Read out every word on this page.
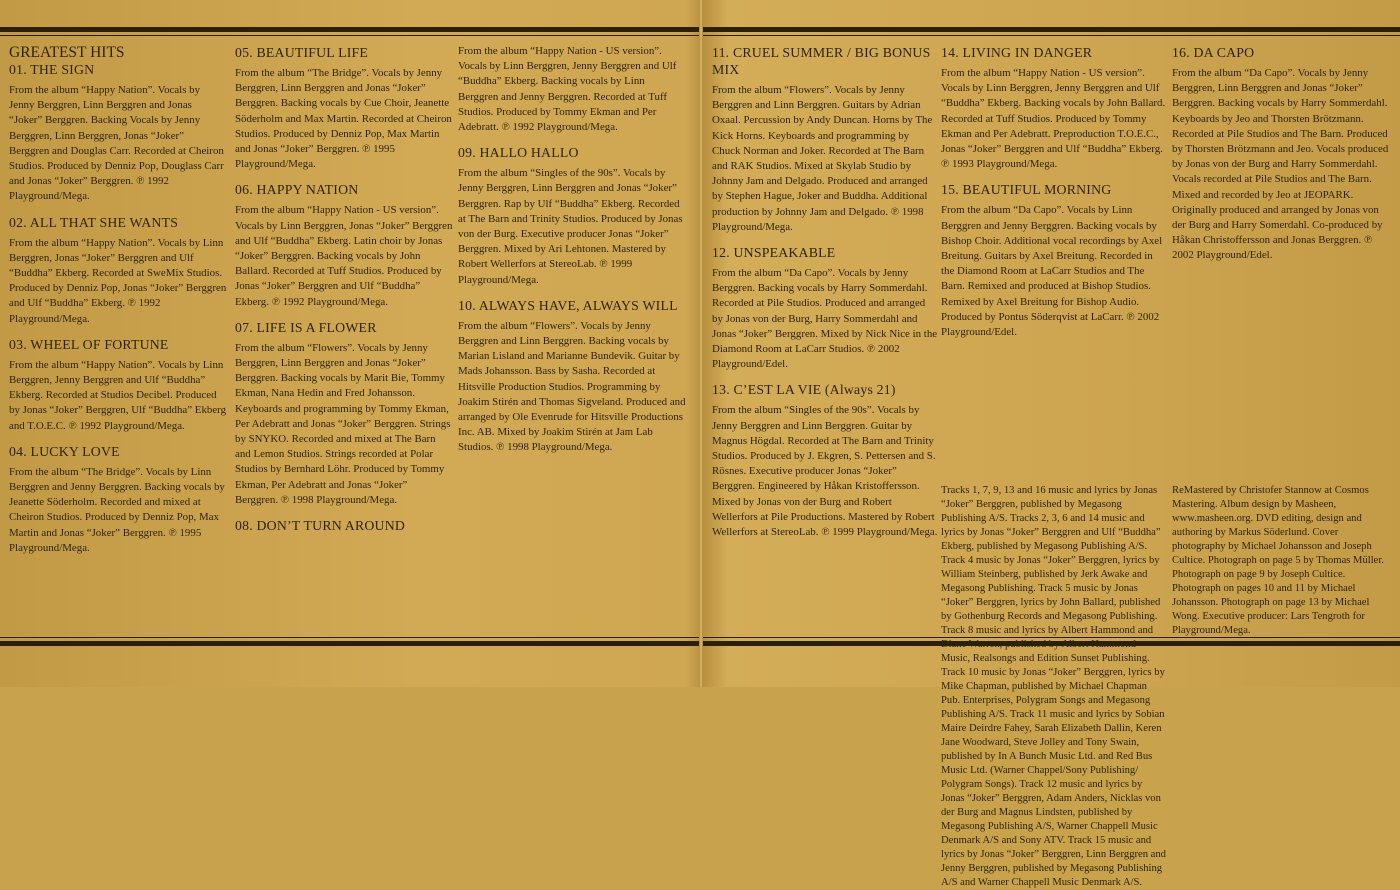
GREATEST HITS
01. THE SIGN

From the album “Happy Nation”. Vocals by Jenny Berggren, Linn Berggren and Jonas “Joker” Berggren. Backing Vocals by Jenny Berggren, Linn Berggren, Jonas “Joker” Berggren and Douglas Carr. Recorded at Cheiron Studios. Produced by Denniz Pop, Douglass Carr and Jonas “Joker” Berggren. ℗ 1992 Playground/Mega.

02. ALL THAT SHE WANTS

From the album “Happy Nation”. Vocals by Linn Berggren, Jonas “Joker” Berggren and Ulf “Buddha” Ekberg. Recorded at SweMix Studios. Produced by Denniz Pop, Jonas “Joker” Berggren and Ulf “Buddha” Ekberg. ℗ 1992 Playground/Mega.

03. WHEEL OF FORTUNE

From the album “Happy Nation”. Vocals by Linn Berggren, Jenny Berggren and Ulf “Buddha” Ekberg. Recorded at Studios Decibel. Produced by Jonas “Joker” Berggren, Ulf “Buddha” Ekberg and T.O.E.C. ℗ 1992 Playground/Mega.

04. LUCKY LOVE

From the album “The Bridge”. Vocals by Linn Berggren and Jenny Berggren. Backing vocals by Jeanette Söderholm. Recorded and mixed at Cheiron Studios. Produced by Denniz Pop, Max Martin and Jonas “Joker” Berggren. ℗ 1995 Playground/Mega.

05. BEAUTIFUL LIFE

From the album “The Bridge”. Vocals by Jenny Berggren, Linn Berggren and Jonas “Joker” Berggren. Backing vocals by Cue Choir, Jeanette Söderholm and Max Martin. Recorded at Cheiron Studios. Produced by Denniz Pop, Max Martin and Jonas “Joker” Berggren. ℗ 1995 Playground/Mega.

06. HAPPY NATION

From the album “Happy Nation - US version”. Vocals by Linn Berggren, Jonas “Joker” Berggren and Ulf “Buddha” Ekberg. Latin choir by Jonas “Joker” Berggren. Backing vocals by John Ballard. Recorded at Tuff Studios. Produced by Jonas “Joker” Berggren and Ulf “Buddha” Ekberg. ℗ 1992 Playground/Mega.

07. LIFE IS A FLOWER

From the album “Flowers”. Vocals by Jenny Berggren, Linn Berggren and Jonas “Joker” Berggren. Backing vocals by Marit Bie, Tommy Ekman, Nana Hedin and Fred Johansson. Keyboards and programming by Tommy Ekman, Per Adebratt and Jonas “Joker” Berggren. Strings by SNYKO. Recorded and mixed at The Barn and Lemon Studios. Strings recorded at Polar Studios by Bernhard Löhr. Produced by Tommy Ekman, Per Adebratt and Jonas “Joker” Berggren. ℗ 1998 Playground/Mega.

08. DON’T TURN AROUND

From the album “Happy Nation - US version”. Vocals by Linn Berggren, Jenny Berggren and Ulf “Buddha” Ekberg. Backing vocals by Linn Berggren and Jenny Berggren. Recorded at Tuff Studios. Produced by Tommy Ekman and Per Adebratt. ℗ 1992 Playground/Mega.

09. HALLO HALLO

From the album “Singles of the 90s”. Vocals by Jenny Berggren, Linn Berggren and Jonas “Joker” Berggren. Rap by Ulf “Buddha” Ekberg. Recorded at The Barn and Trinity Studios. Produced by Jonas von der Burg. Executive producer Jonas “Joker” Berggren. Mixed by Ari Lehtonen. Mastered by Robert Wellerfors at StereoLab. ℗ 1999 Playground/Mega.

10. ALWAYS HAVE, ALWAYS WILL

From the album “Flowers”. Vocals by Jenny Berggren and Linn Berggren. Backing vocals by Marian Lisland and Marianne Bundevik. Guitar by Mads Johansson. Bass by Sasha. Recorded at Hitsville Production Studios. Programming by Joakim Stirén and Thomas Sigveland. Produced and arranged by Ole Evenrude for Hitsville Productions Inc. AB. Mixed by Joakim Stirén at Jam Lab Studios. ℗ 1998 Playground/Mega.

11. CRUEL SUMMER / BIG BONUS MIX

From the album “Flowers”. Vocals by Jenny Berggren and Linn Berggren. Guitars by Adrian Oxaal. Percussion by Andy Duncan. Horns by The Kick Horns. Keyboards and programming by Chuck Norman and Joker. Recorded at The Barn and RAK Studios. Mixed at Skylab Studio by Johnny Jam and Delgado. Produced and arranged by Stephen Hague, Joker and Buddha. Additional production by Johnny Jam and Delgado. ℗ 1998 Playground/Mega.

12. UNSPEAKABLE

From the album “Da Capo”. Vocals by Jenny Berggren. Backing vocals by Harry Sommerdahl. Recorded at Pile Studios. Produced and arranged by Jonas von der Burg, Harry Sommerdahl and Jonas “Joker” Berggren. Mixed by Nick Nice in the Diamond Room at LaCarr Studios. ℗ 2002 Playground/Edel.

13. C’EST LA VIE (Always 21)

From the album “Singles of the 90s”. Vocals by Jenny Berggren and Linn Berggren. Guitar by Magnus Högdal. Recorded at The Barn and Trinity Studios. Produced by J. Ekgren, S. Pettersen and S. Rösnes. Executive producer Jonas “Joker” Berggren. Engineered by Håkan Kristoffersson. Mixed by Jonas von der Burg and Robert Wellerfors at Pile Productions. Mastered by Robert Wellerfors at StereoLab. ℗ 1999 Playground/Mega.

14. LIVING IN DANGER

From the album “Happy Nation - US version”. Vocals by Linn Berggren, Jenny Berggren and Ulf “Buddha” Ekberg. Backing vocals by John Ballard. Recorded at Tuff Studios. Produced by Tommy Ekman and Per Adebratt. Preproduction T.O.E.C., Jonas “Joker” Berggren and Ulf “Buddha” Ekberg. ℗ 1993 Playground/Mega.

15. BEAUTIFUL MORNING

From the album “Da Capo”. Vocals by Linn Berggren and Jenny Berggren. Backing vocals by Bishop Choir. Additional vocal recordings by Axel Breitung. Guitars by Axel Breitung. Recorded in the Diamond Room at LaCarr Studios and The Barn. Remixed and produced at Bishop Studios. Remixed by Axel Breitung for Bishop Audio. Produced by Pontus Söderqvist at LaCarr. ℗ 2002 Playground/Edel.

16. DA CAPO

From the album “Da Capo”. Vocals by Jenny Berggren, Linn Berggren and Jonas “Joker” Berggren. Backing vocals by Harry Sommerdahl. Keyboards by Jeo and Thorsten Brötzmann. Recorded at Pile Studios and The Barn. Produced by Thorsten Brötzmann and Jeo. Vocals produced by Jonas von der Burg and Harry Sommerdahl. Vocals recorded at Pile Studios and The Barn. Mixed and recorded by Jeo at JEOPARK. Originally produced and arranged by Jonas von der Burg and Harry Somerdahl. Co-produced by Håkan Christoffersson and Jonas Berggren. ℗ 2002 Playground/Edel.

Tracks 1, 7, 9, 13 and 16 music and lyrics by Jonas “Joker” Berggren, published by Megasong Publishing A/S. Tracks 2, 3, 6 and 14 music and lyrics by Jonas “Joker” Berggren and Ulf “Buddha” Ekberg, published by Megasong Publishing A/S. Track 4 music by Jonas “Joker” Berggren, lyrics by William Steinberg, published by Jerk Awake and Megasong Publishing. Track 5 music by Jonas “Joker” Berggren, lyrics by John Ballard, published by Gothenburg Records and Megasong Publishing. Track 8 music and lyrics by Albert Hammond and Diane Warren, published by Albert Hammond Music, Realsongs and Edition Sunset Publishing. Track 10 music by Jonas “Joker” Berggren, lyrics by Mike Chapman, published by Michael Chapman Pub. Enterprises, Polygram Songs and Megasong Publishing A/S. Track 11 music and lyrics by Sobian Maire Deirdre Fahey, Sarah Elizabeth Dallin, Keren Jane Woodward, Steve Jolley and Tony Swain, published by In A Bunch Music Ltd. and Red Bus Music Ltd. (Warner Chappel/Sony Publishing/ Polygram Songs). Track 12 music and lyrics by Jonas “Joker” Berggren, Adam Anders, Nicklas von der Burg and Magnus Lindsten, published by Megasong Publishing A/S, Warner Chappell Music Denmark A/S and Sony ATV. Track 15 music and lyrics by Jonas “Joker” Berggren, Linn Berggren and Jenny Berggren, published by Megasong Publishing A/S and Warner Chappell Music Denmark A/S.

ReMastered by Christofer Stannow at Cosmos Mastering. Album design by Masheen, www.masheen.org. DVD editing, design and authoring by Markus Söderlund. Cover photography by Michael Johansson and Joseph Cultice. Photograph on page 5 by Thomas Müller. Photograph on page 9 by Joseph Cultice. Photograph on pages 10 and 11 by Michael Johansson. Photograph on page 13 by Michael Wong. Executive producer: Lars Tengroth for Playground/Mega.
